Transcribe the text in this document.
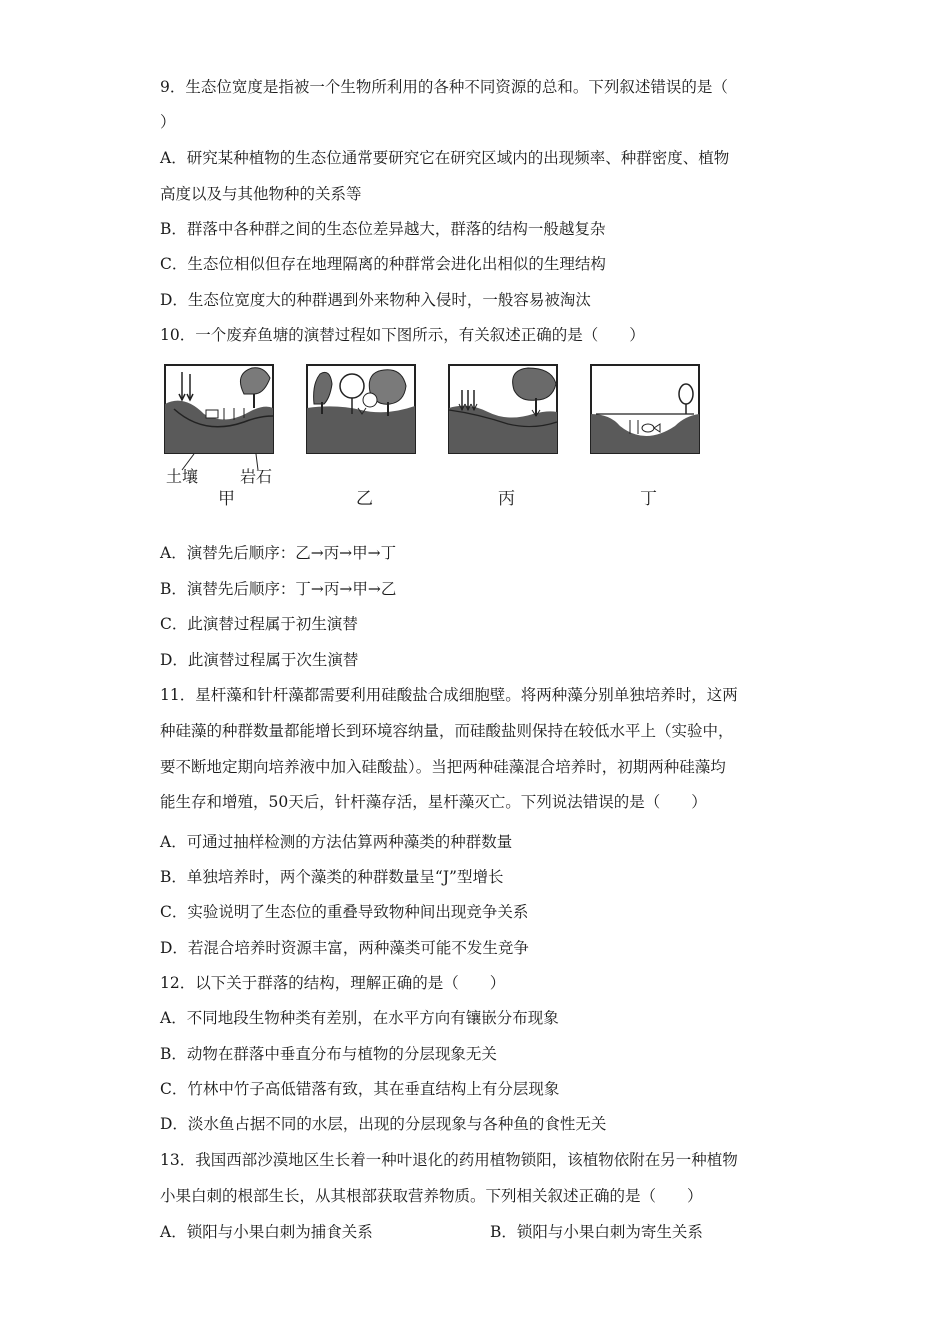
9．生态位宽度是指被一个生物所利用的各种不同资源的总和。下列叙述错误的是（
）
A．研究某种植物的生态位通常要研究它在研究区域内的出现频率、种群密度、植物
高度以及与其他物种的关系等
B．群落中各种群之间的生态位差异越大，群落的结构一般越复杂
C．生态位相似但存在地理隔离的种群常会进化出相似的生理结构
D．生态位宽度大的种群遇到外来物种入侵时，一般容易被淘汰
10．一个废弃鱼塘的演替过程如下图所示，有关叙述正确的是（　　）
土壤	岩石
甲	乙	丙	丁
A．演替先后顺序：乙→丙→甲→丁
B．演替先后顺序：丁→丙→甲→乙
C．此演替过程属于初生演替
D．此演替过程属于次生演替
11．星杆藻和针杆藻都需要利用硅酸盐合成细胞壁。将两种藻分别单独培养时，这两
种硅藻的种群数量都能增长到环境容纳量，而硅酸盐则保持在较低水平上（实验中，
要不断地定期向培养液中加入硅酸盐）。当把两种硅藻混合培养时，初期两种硅藻均
能生存和增殖，50天后，针杆藻存活，星杆藻灭亡。下列说法错误的是（　　）
A．可通过抽样检测的方法估算两种藻类的种群数量
B．单独培养时，两个藻类的种群数量呈“J”型增长
C．实验说明了生态位的重叠导致物种间出现竞争关系
D．若混合培养时资源丰富，两种藻类可能不发生竞争
12．以下关于群落的结构，理解正确的是（　　）
A．不同地段生物种类有差别，在水平方向有镶嵌分布现象
B．动物在群落中垂直分布与植物的分层现象无关
C．竹林中竹子高低错落有致，其在垂直结构上有分层现象
D．淡水鱼占据不同的水层，出现的分层现象与各种鱼的食性无关
13．我国西部沙漠地区生长着一种叶退化的药用植物锁阳，该植物依附在另一种植物
小果白刺的根部生长，从其根部获取营养物质。下列相关叙述正确的是（　　）
A．锁阳与小果白刺为捕食关系	B．锁阳与小果白刺为寄生关系
